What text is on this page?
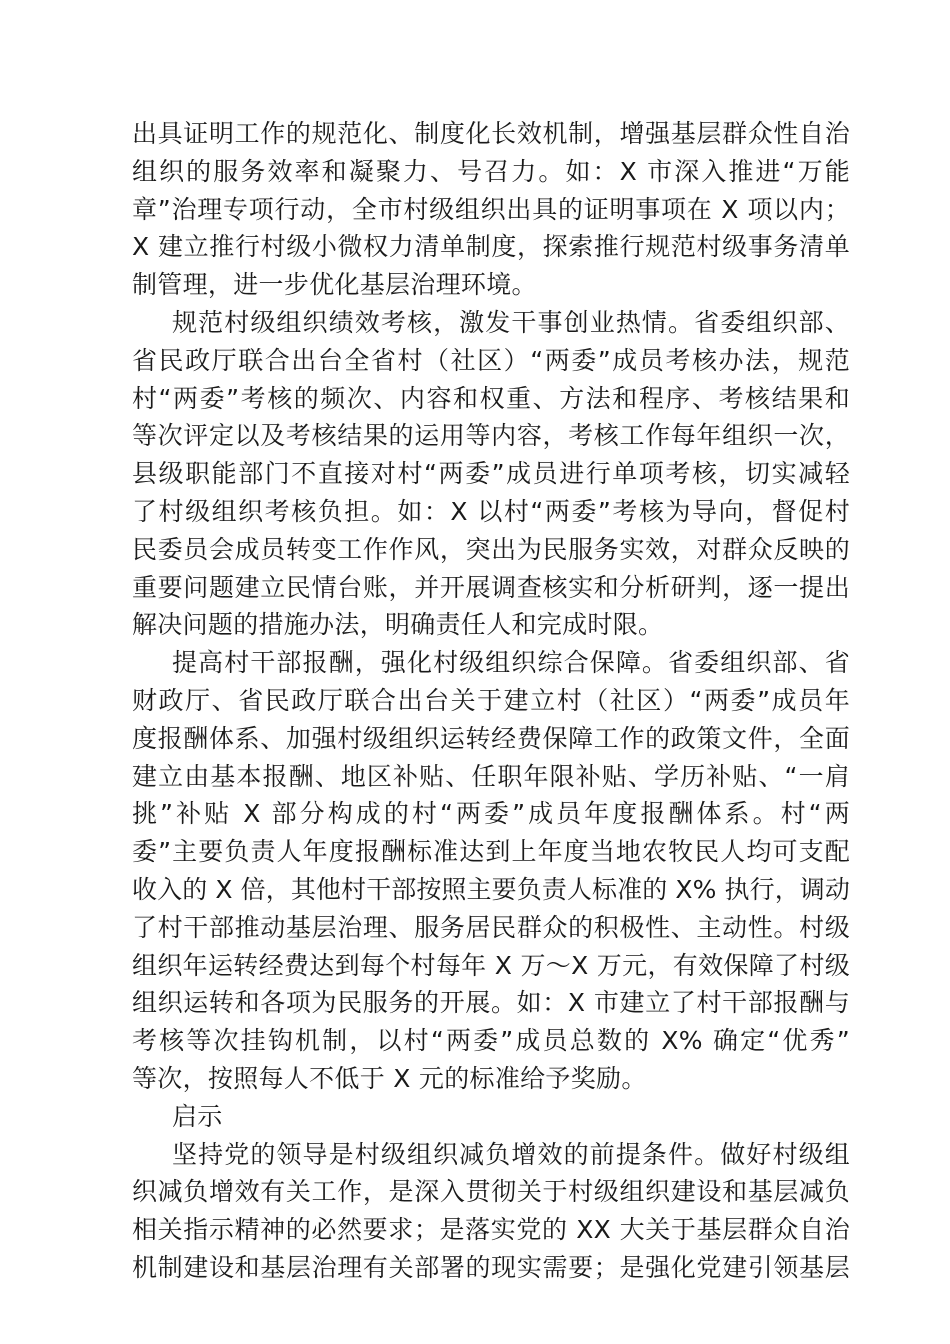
出具证明工作的规范化、制度化长效机制，增强基层群众性自治
组织的服务效率和凝聚力、号召力。如：X 市深入推进“万能
章”治理专项行动，全市村级组织出具的证明事项在 X 项以内；
X 建立推行村级小微权力清单制度，探索推行规范村级事务清单
制管理，进一步优化基层治理环境。
规范村级组织绩效考核，激发干事创业热情。省委组织部、
省民政厅联合出台全省村（社区）“两委”成员考核办法，规范
村“两委”考核的频次、内容和权重、方法和程序、考核结果和
等次评定以及考核结果的运用等内容，考核工作每年组织一次，
县级职能部门不直接对村“两委”成员进行单项考核，切实减轻
了村级组织考核负担。如：X 以村“两委”考核为导向，督促村
民委员会成员转变工作作风，突出为民服务实效，对群众反映的
重要问题建立民情台账，并开展调查核实和分析研判，逐一提出
解决问题的措施办法，明确责任人和完成时限。
提高村干部报酬，强化村级组织综合保障。省委组织部、省
财政厅、省民政厅联合出台关于建立村（社区）“两委”成员年
度报酬体系、加强村级组织运转经费保障工作的政策文件，全面
建立由基本报酬、地区补贴、任职年限补贴、学历补贴、“一肩
挑”补贴 X 部分构成的村“两委”成员年度报酬体系。村“两
委”主要负责人年度报酬标准达到上年度当地农牧民人均可支配
收入的 X 倍，其他村干部按照主要负责人标准的 X% 执行，调动
了村干部推动基层治理、服务居民群众的积极性、主动性。村级
组织年运转经费达到每个村每年 X 万～X 万元，有效保障了村级
组织运转和各项为民服务的开展。如：X 市建立了村干部报酬与
考核等次挂钩机制，以村“两委”成员总数的 X% 确定“优秀”
等次，按照每人不低于 X 元的标准给予奖励。
启示
坚持党的领导是村级组织减负增效的前提条件。做好村级组
织减负增效有关工作，是深入贯彻关于村级组织建设和基层减负
相关指示精神的必然要求；是落实党的 XX 大关于基层群众自治
机制建设和基层治理有关部署的现实需要；是强化党建引领基层
